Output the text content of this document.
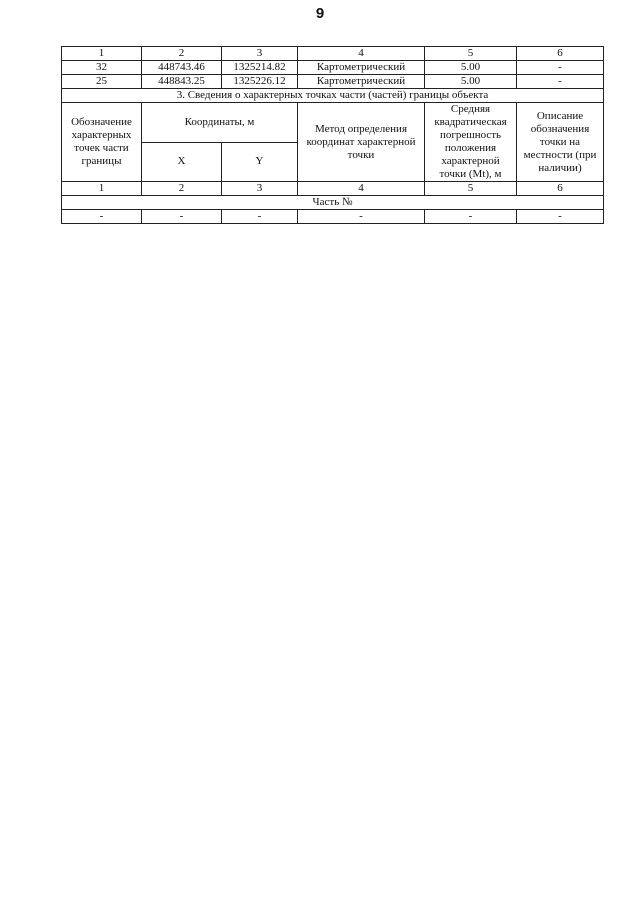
9
1	2	3	4	5	6
32	448743.46	1325214.82	Картометрический	5.00	-
25	448843.25	1325226.12	Картометрический	5.00	-
3. Сведения о характерных точках части (частей) границы объекта					
Обозначение характерных точек части границы	Координаты, м		Метод определения координат характерной точки	Средняя квадратическая погрешность положения характерной точки (Mt), м	Описание обозначения точки на местности (при наличии)
	X	Y			
1	2	3	4	5	6
Часть №					
-	-	-	-	-	-
